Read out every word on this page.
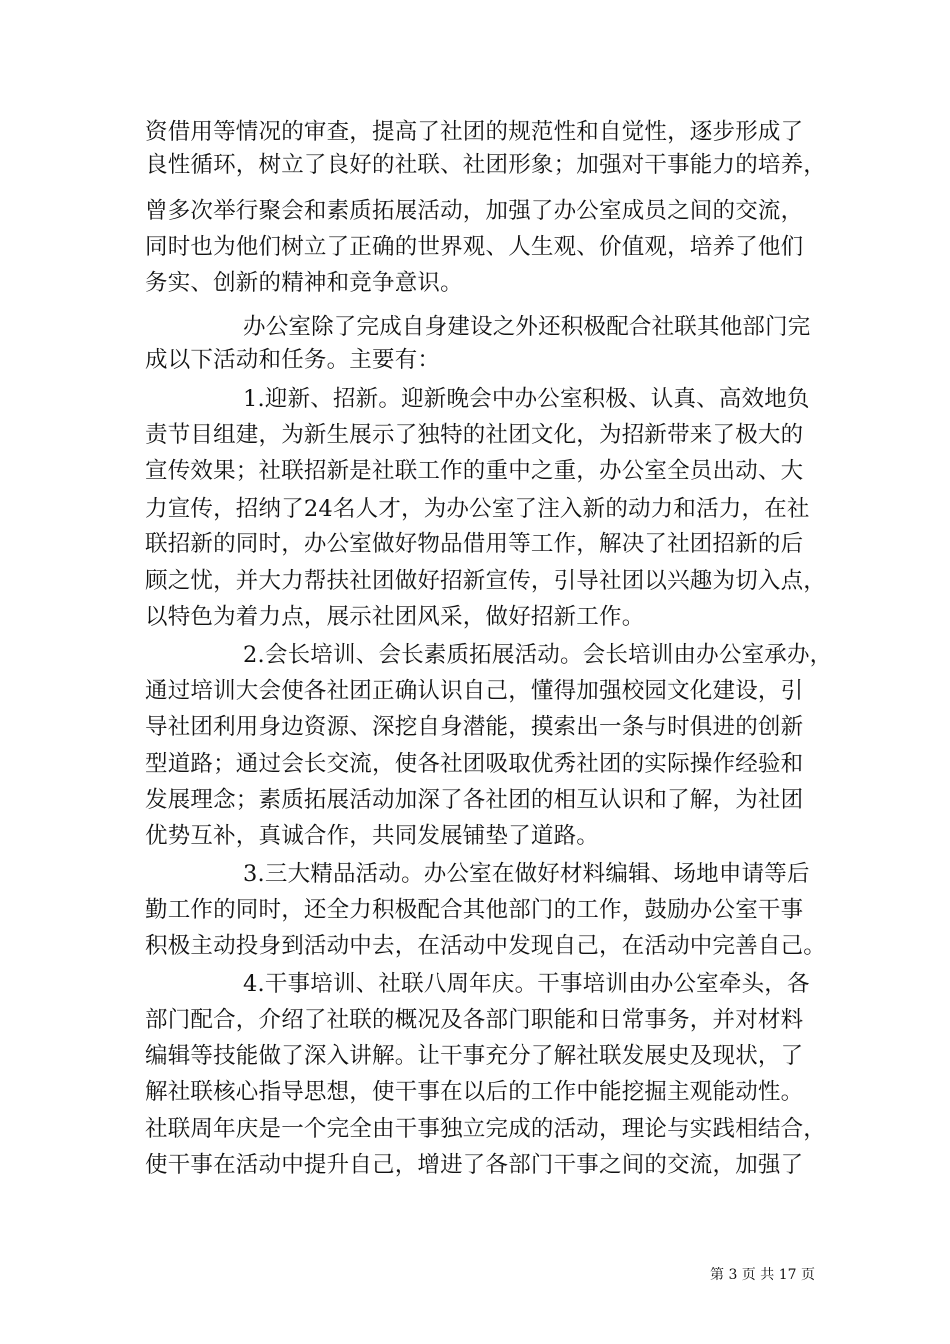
资借用等情况的审查，提高了社团的规范性和自觉性，逐步形成了
良性循环，树立了良好的社联、社团形象；加强对干事能力的培养，
曾多次举行聚会和素质拓展活动，加强了办公室成员之间的交流，
同时也为他们树立了正确的世界观、人生观、价值观，培养了他们
务实、创新的精神和竞争意识。
办公室除了完成自身建设之外还积极配合社联其他部门完
成以下活动和任务。主要有：
1.迎新、招新。迎新晚会中办公室积极、认真、高效地负
责节目组建，为新生展示了独特的社团文化，为招新带来了极大的
宣传效果；社联招新是社联工作的重中之重，办公室全员出动、大
力宣传，招纳了24名人才，为办公室了注入新的动力和活力，在社
联招新的同时，办公室做好物品借用等工作，解决了社团招新的后
顾之忧，并大力帮扶社团做好招新宣传，引导社团以兴趣为切入点，
以特色为着力点，展示社团风采，做好招新工作。
2.会长培训、会长素质拓展活动。会长培训由办公室承办，
通过培训大会使各社团正确认识自己，懂得加强校园文化建设，引
导社团利用身边资源、深挖自身潜能，摸索出一条与时俱进的创新
型道路；通过会长交流，使各社团吸取优秀社团的实际操作经验和
发展理念；素质拓展活动加深了各社团的相互认识和了解，为社团
优势互补，真诚合作，共同发展铺垫了道路。
3.三大精品活动。办公室在做好材料编辑、场地申请等后
勤工作的同时，还全力积极配合其他部门的工作，鼓励办公室干事
积极主动投身到活动中去，在活动中发现自己，在活动中完善自己。
4.干事培训、社联八周年庆。干事培训由办公室牵头，各
部门配合，介绍了社联的概况及各部门职能和日常事务，并对材料
编辑等技能做了深入讲解。让干事充分了解社联发展史及现状，了
解社联核心指导思想，使干事在以后的工作中能挖掘主观能动性。
社联周年庆是一个完全由干事独立完成的活动，理论与实践相结合，
使干事在活动中提升自己，增进了各部门干事之间的交流，加强了
第 3 页 共 17 页
